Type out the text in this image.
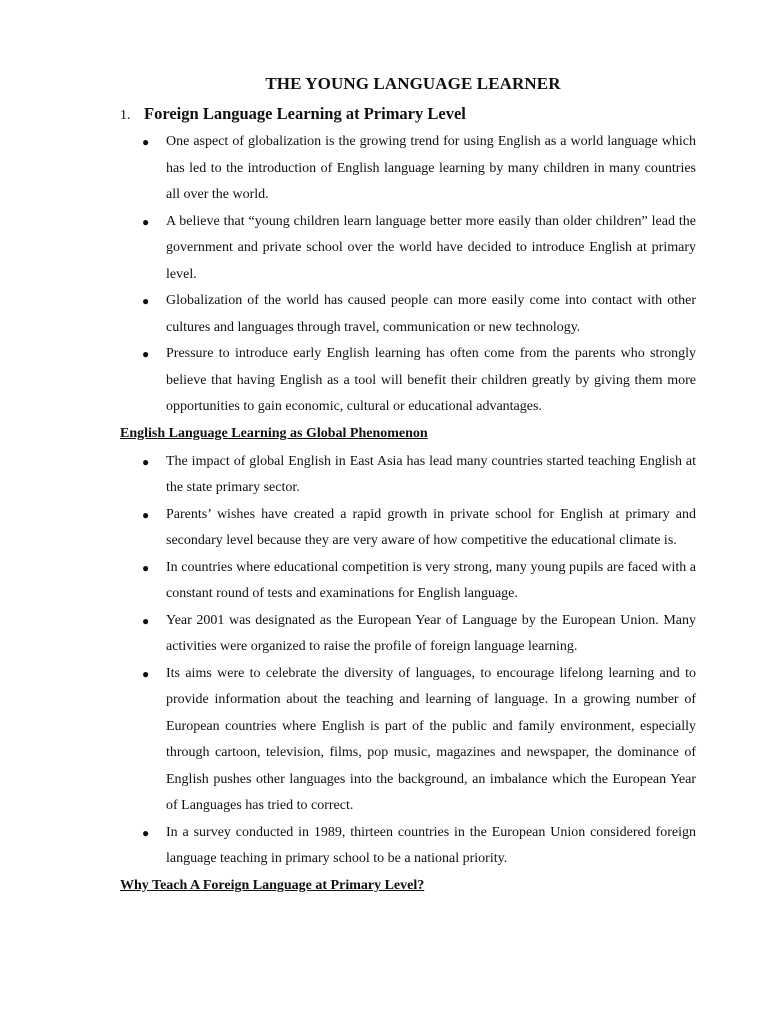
THE YOUNG LANGUAGE LEARNER
1. Foreign Language Learning at Primary Level
● One aspect of globalization is the growing trend for using English as a world language which has led to the introduction of English language learning by many children in many countries all over the world.
● A believe that “young children learn language better more easily than older children” lead the government and private school over the world have decided to introduce English at primary level.
● Globalization of the world has caused people can more easily come into contact with other cultures and languages through travel, communication or new technology.
● Pressure to introduce early English learning has often come from the parents who strongly believe that having English as a tool will benefit their children greatly by giving them more opportunities to gain economic, cultural or educational advantages.
English Language Learning as Global Phenomenon
● The impact of global English in East Asia has lead many countries started teaching English at the state primary sector.
● Parents’ wishes have created a rapid growth in private school for English at primary and secondary level because they are very aware of how competitive the educational climate is.
● In countries where educational competition is very strong, many young pupils are faced with a constant round of tests and examinations for English language.
● Year 2001 was designated as the European Year of Language by the European Union. Many activities were organized to raise the profile of foreign language learning.
● Its aims were to celebrate the diversity of languages, to encourage lifelong learning and to provide information about the teaching and learning of language. In a growing number of European countries where English is part of the public and family environment, especially through cartoon, television, films, pop music, magazines and newspaper, the dominance of English pushes other languages into the background, an imbalance which the European Year of Languages has tried to correct.
● In a survey conducted in 1989, thirteen countries in the European Union considered foreign language teaching in primary school to be a national priority.
Why Teach A Foreign Language at Primary Level?
